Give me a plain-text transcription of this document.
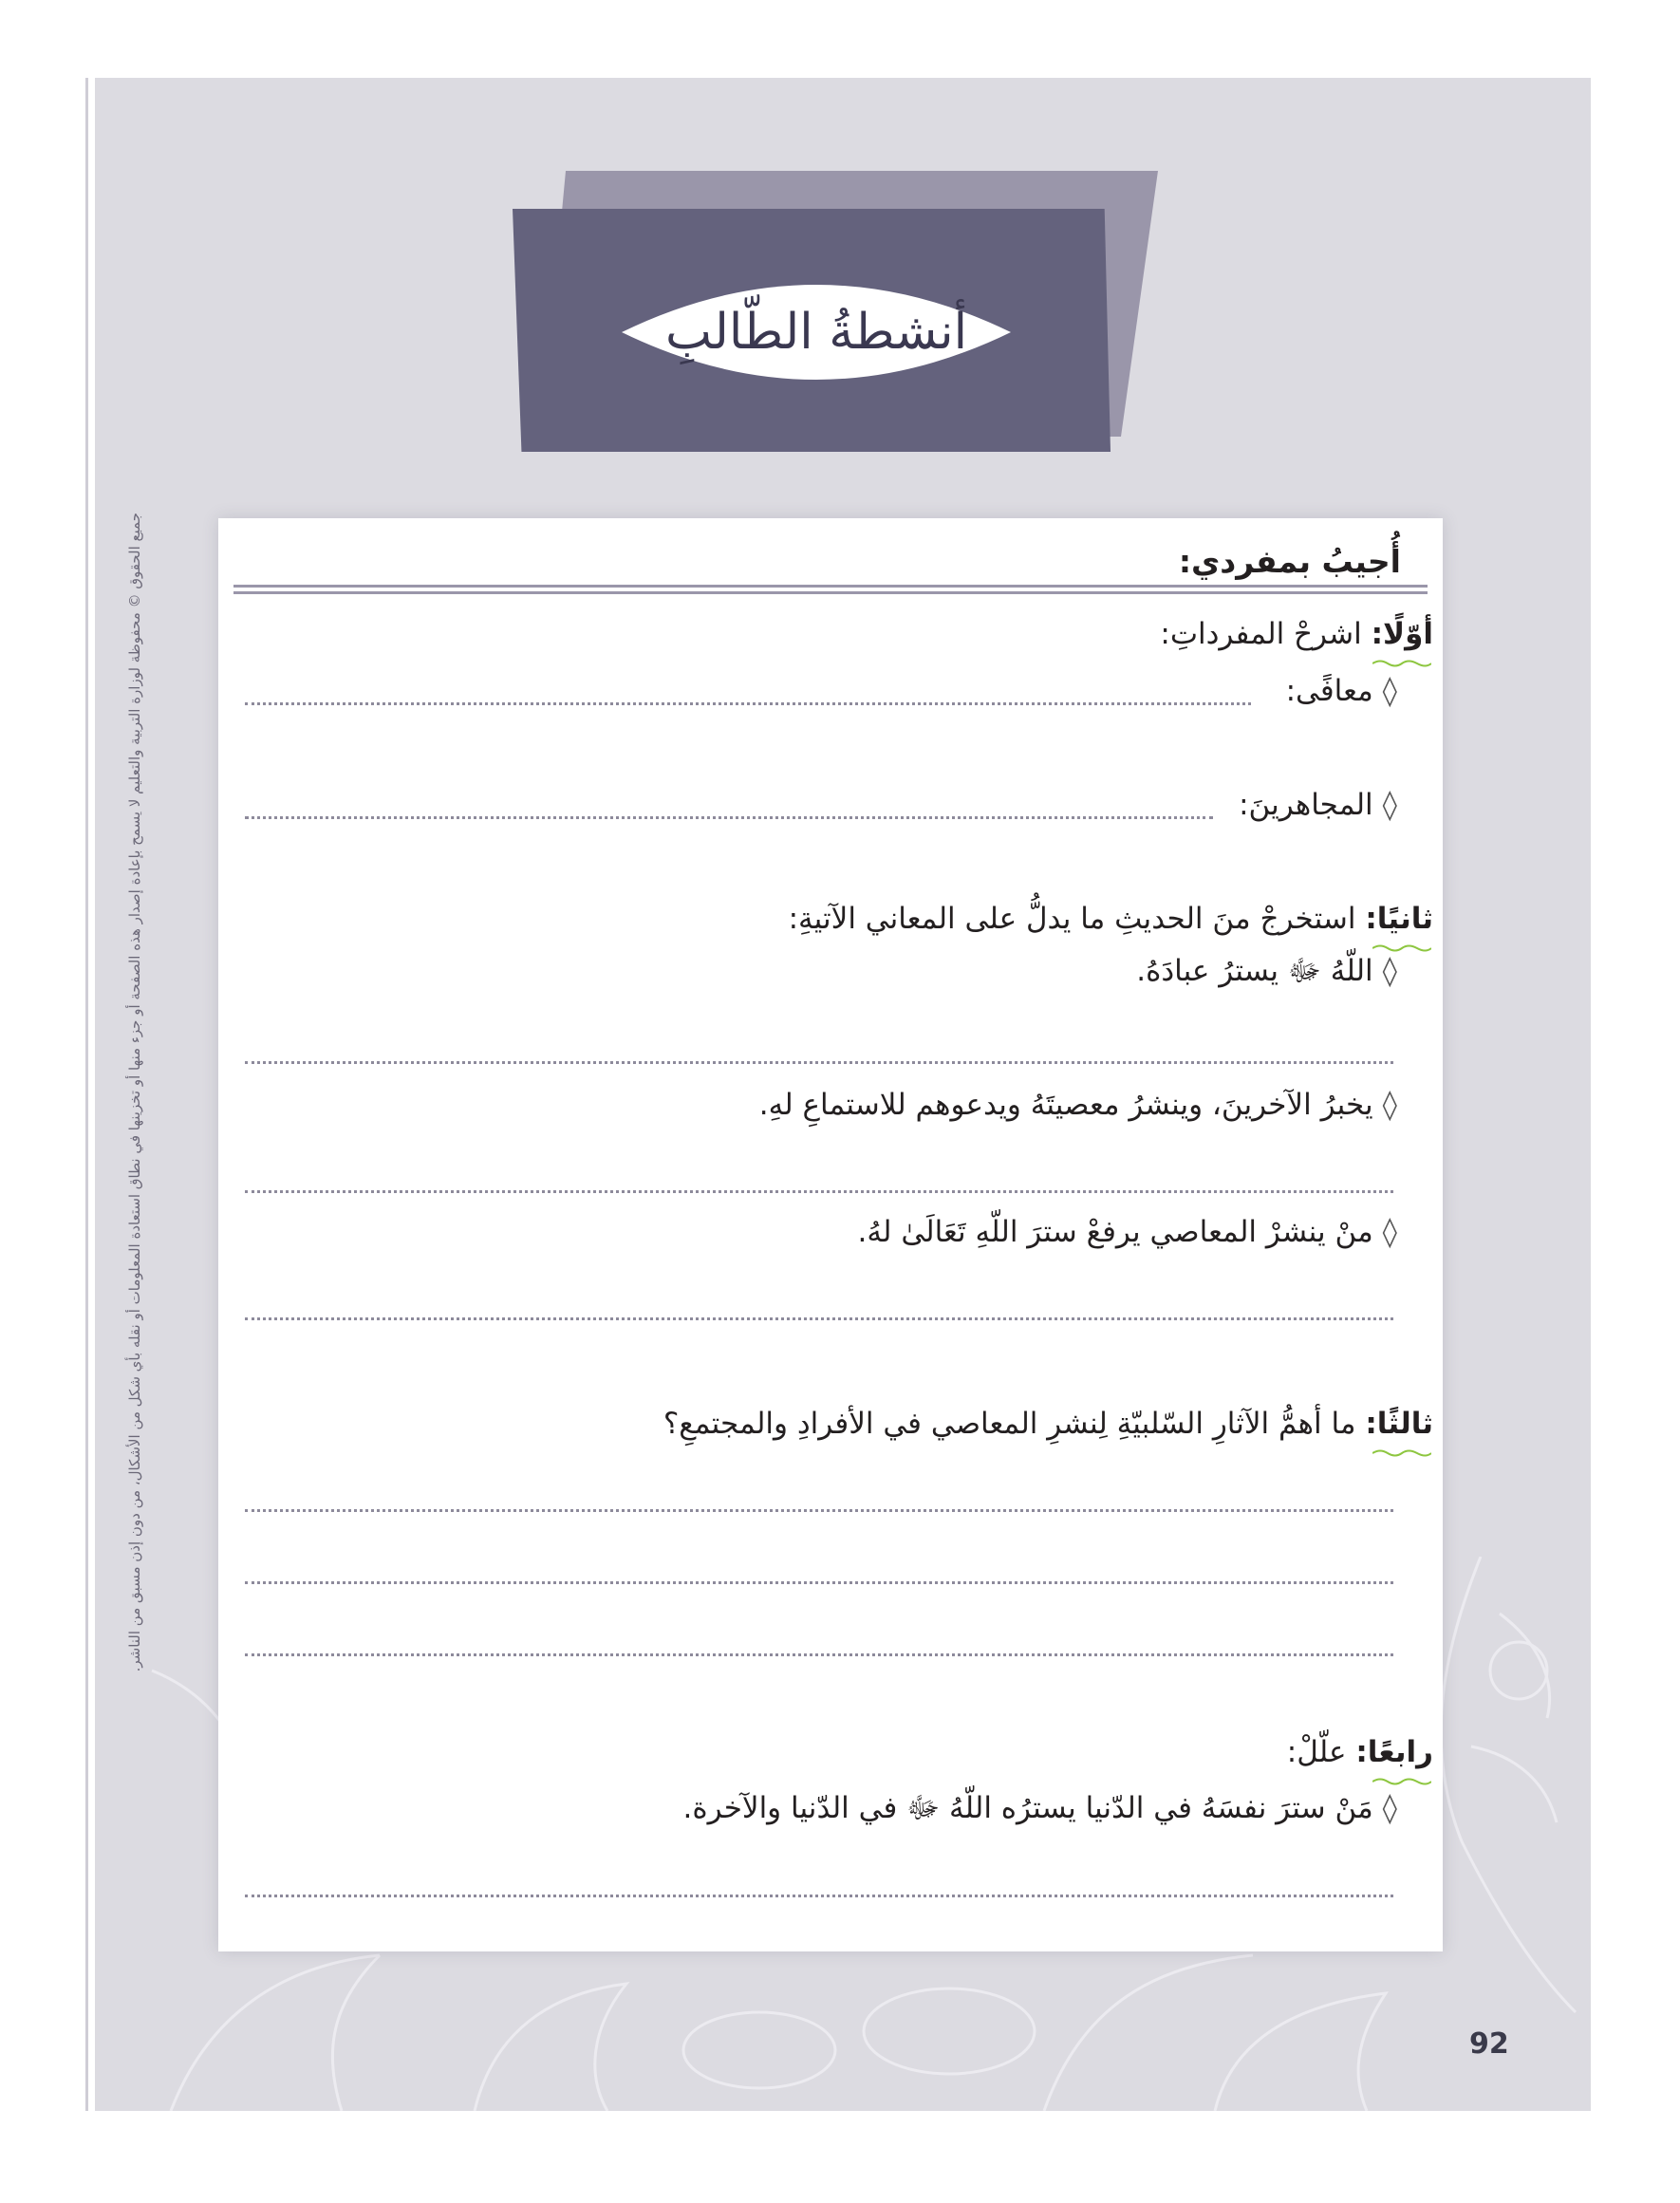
جميع الحقوق © محفوظة لوزارة التربية والتعليم لا يسمح بإعادة إصدار هذه الصفحة أو جزء منها أو تخزينها في نطاق استعادة المعلومات أو نقله بأي شكل من الأشكال، من دون إذن مسبق من الناشر.
أنشطةُ الطّالبِ
أُجيبُ بمفردي:
أوّلًا: اشرحْ المفرداتِ:
◊معافًى:
◊المجاهرينَ:
ثانيًا: استخرجْ منَ الحديثِ ما يدلُّ على المعاني الآتيةِ:
◊اللّهُ ﷻ يسترُ عبادَهُ.
◊يخبرُ الآخرينَ، وينشرُ معصيتَهُ ويدعوهم للاستماعِ لهِ.
◊منْ ينشرْ المعاصي يرفعْ سترَ اللّهِ تَعَالَىٰ لهُ.
ثالثًا: ما أهمُّ الآثارِ السّلبيّةِ لِنشرِ المعاصي في الأفرادِ والمجتمعِ؟
رابعًا: علّلْ:
◊مَنْ سترَ نفسَهُ في الدّنيا يسترُه اللّهُ ﷻ في الدّنيا والآخرة.
92
